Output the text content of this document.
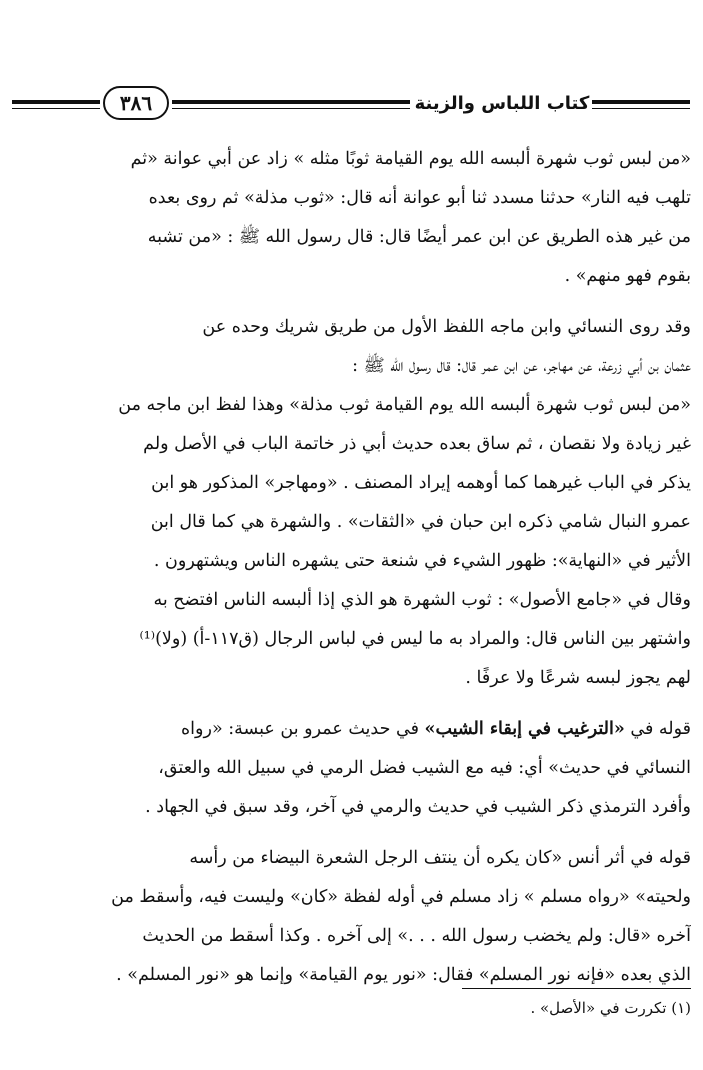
٣٨٦	كتاب اللباس والزينة
«من لبس ثوب شهرة ألبسه الله يوم القيامة ثوبًا مثله » زاد عن أبي عوانة «ثم
تلهب فيه النار» حدثنا مسدد ثنا أبو عوانة أنه قال: «ثوب مذلة» ثم روى بعده
من غير هذه الطريق عن ابن عمر أيضًا قال: قال رسول الله ﷺ : «من تشبه
بقوم فهو منهم» .
وقد روى النسائي وابن ماجه اللفظ الأول من طريق شريك وحده عن
عثمان بن أبي زرعة، عن مهاجر، عن ابن عمر قال: قال رسول الله ﷺ :
«من لبس ثوب شهرة ألبسه الله يوم القيامة ثوب مذلة» وهذا لفظ ابن ماجه من
غير زيادة ولا نقصان ، ثم ساق بعده حديث أبي ذر خاتمة الباب في الأصل ولم
يذكر في الباب غيرهما كما أوهمه إيراد المصنف . «ومهاجر» المذكور هو ابن
عمرو النبال شامي ذكره ابن حبان في «الثقات» . والشهرة هي كما قال ابن
الأثير في «النهاية»: ظهور الشيء في شنعة حتى يشهره الناس ويشتهرون .
وقال في «جامع الأصول» : ثوب الشهرة هو الذي إذا ألبسه الناس افتضح به
واشتهر بين الناس قال: والمراد به ما ليس في لباس الرجال (ق١١٧-أ) (ولا)⁽¹⁾
لهم يجوز لبسه شرعًا ولا عرفًا .
قوله في «الترغيب في إبقاء الشيب» في حديث عمرو بن عبسة: «رواه
النسائي في حديث» أي: فيه مع الشيب فضل الرمي في سبيل الله والعتق،
وأفرد الترمذي ذكر الشيب في حديث والرمي في آخر، وقد سبق في الجهاد .
قوله في أثر أنس «كان يكره أن ينتف الرجل الشعرة البيضاء من رأسه
ولحيته» «رواه مسلم » زاد مسلم في أوله لفظة «كان» وليست فيه، وأسقط من
آخره «قال: ولم يخضب رسول الله . . .» إلى آخره . وكذا أسقط من الحديث
الذي بعده «فإنه نور المسلم» فقال: «نور يوم القيامة» وإنما هو «نور المسلم» .
(١) تكررت في «الأصل» .
